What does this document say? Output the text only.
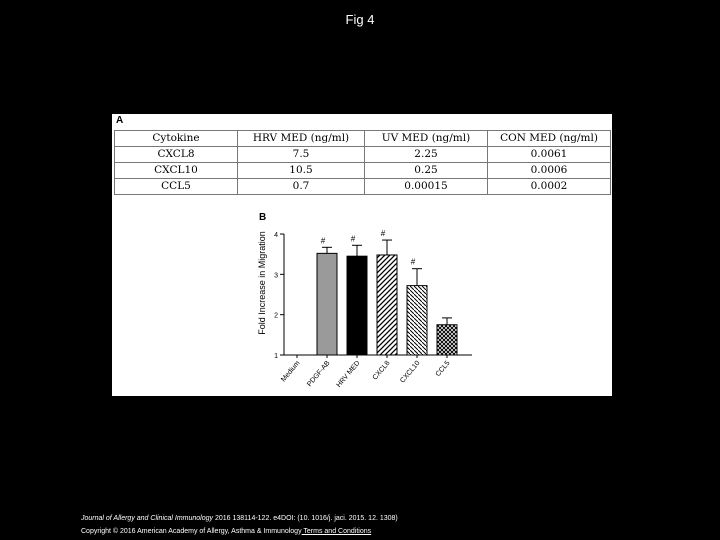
Fig 4
A
Cytokine	HRV MED (ng/ml)	UV MED (ng/ml)	CON MED (ng/ml)
CXCL8	7.5	2.25	0.0061
CXCL10	10.5	0.25	0.0006
CCL5	0.7	0.00015	0.0002
B
Fold Increase in Migration
1
2
3
4
Medium
#
PDGF-AB
#
HRV MED
#
CXCL8
#
CXCL10 CCL5
Journal of Allergy and Clinical Immunology 2016 138114-122. e4DOI: (10. 1016/j. jaci. 2015. 12. 1308)
Copyright © 2016 American Academy of Allergy, Asthma & Immunology Terms and Conditions
